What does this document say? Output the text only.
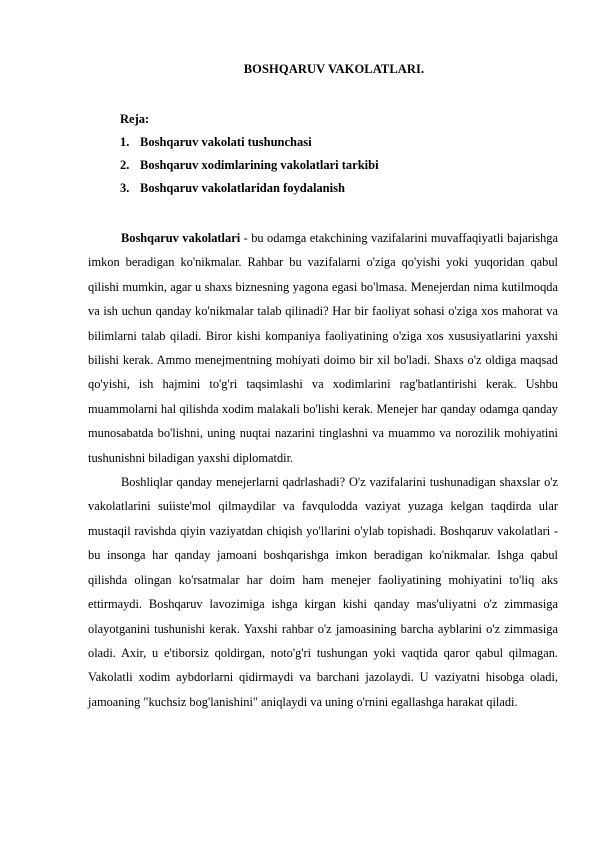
BOSHQARUV VAKOLATLARI.
Reja:
1. Boshqaruv vakolati tushunchasi
2. Boshqaruv xodimlarining vakolatlari tarkibi
3. Boshqaruv vakolatlaridan foydalanish

Boshqaruv vakolatlari - bu odamga etakchining vazifalarini muvaffaqiyatli bajarishga imkon beradigan ko'nikmalar. Rahbar bu vazifalarni o'ziga qo'yishi yoki yuqoridan qabul qilishi mumkin, agar u shaxs biznesning yagona egasi bo'lmasa. Menejerdan nima kutilmoqda va ish uchun qanday ko'nikmalar talab qilinadi? Har bir faoliyat sohasi o'ziga xos mahorat va bilimlarni talab qiladi. Biror kishi kompaniya faoliyatining o'ziga xos xususiyatlarini yaxshi bilishi kerak. Ammo menejmentning mohiyati doimo bir xil bo'ladi. Shaxs o'z oldiga maqsad qo'yishi, ish hajmini to'g'ri taqsimlashi va xodimlarini rag'batlantirishi kerak. Ushbu muammolarni hal qilishda xodim malakali bo'lishi kerak. Menejer har qanday odamga qanday munosabatda bo'lishni, uning nuqtai nazarini tinglashni va muammo va norozilik mohiyatini tushunishni biladigan yaxshi diplomatdir.

Boshliqlar qanday menejerlarni qadrlashadi? O'z vazifalarini tushunadigan shaxslar o'z vakolatlarini suiiste'mol qilmaydilar va favqulodda vaziyat yuzaga kelgan taqdirda ular mustaqil ravishda qiyin vaziyatdan chiqish yo'llarini o'ylab topishadi. Boshqaruv vakolatlari - bu insonga har qanday jamoani boshqarishga imkon beradigan ko'nikmalar. Ishga qabul qilishda olingan ko'rsatmalar har doim ham menejer faoliyatining mohiyatini to'liq aks ettirmaydi. Boshqaruv lavozimiga ishga kirgan kishi qanday mas'uliyatni o'z zimmasiga olayotganini tushunishi kerak. Yaxshi rahbar o'z jamoasining barcha ayblarini o'z zimmasiga oladi. Axir, u e'tiborsiz qoldirgan, noto'g'ri tushungan yoki vaqtida qaror qabul qilmagan. Vakolatli xodim aybdorlarni qidirmaydi va barchani jazolaydi. U vaziyatni hisobga oladi, jamoaning "kuchsiz bog'lanishini" aniqlaydi va uning o'rnini egallashga harakat qiladi.
